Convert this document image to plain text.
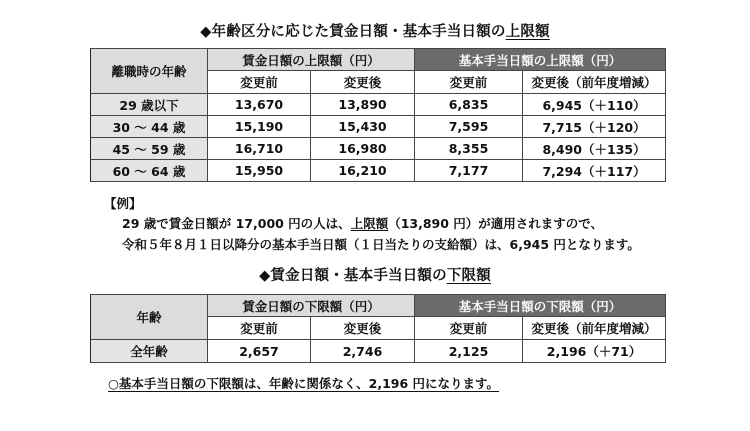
◆年齢区分に応じた賃金日額・基本手当日額の上限額
離職時の年齢	賃金日額の上限額（円）		基本手当日額の上限額（円）	
	変更前	変更後	変更前	変更後（前年度増減）
29 歳以下	13,670	13,890	6,835	6,945（＋110）
30 〜 44 歳	15,190	15,430	7,595	7,715（＋120）
45 〜 59 歳	16,710	16,980	8,355	8,490（＋135）
60 〜 64 歳	15,950	16,210	7,177	7,294（＋117）
【例】
29 歳で賃金日額が 17,000 円の人は、上限額（13,890 円）が適用されますので、
令和５年８月１日以降分の基本手当日額（１日当たりの支給額）は、6,945 円となります。
◆賃金日額・基本手当日額の下限額
年齢	賃金日額の下限額（円）		基本手当日額の下限額（円）	
	変更前	変更後	変更前	変更後（前年度増減）
全年齢	2,657	2,746	2,125	2,196（＋71）
○基本手当日額の下限額は、年齢に関係なく、2,196 円になります。
